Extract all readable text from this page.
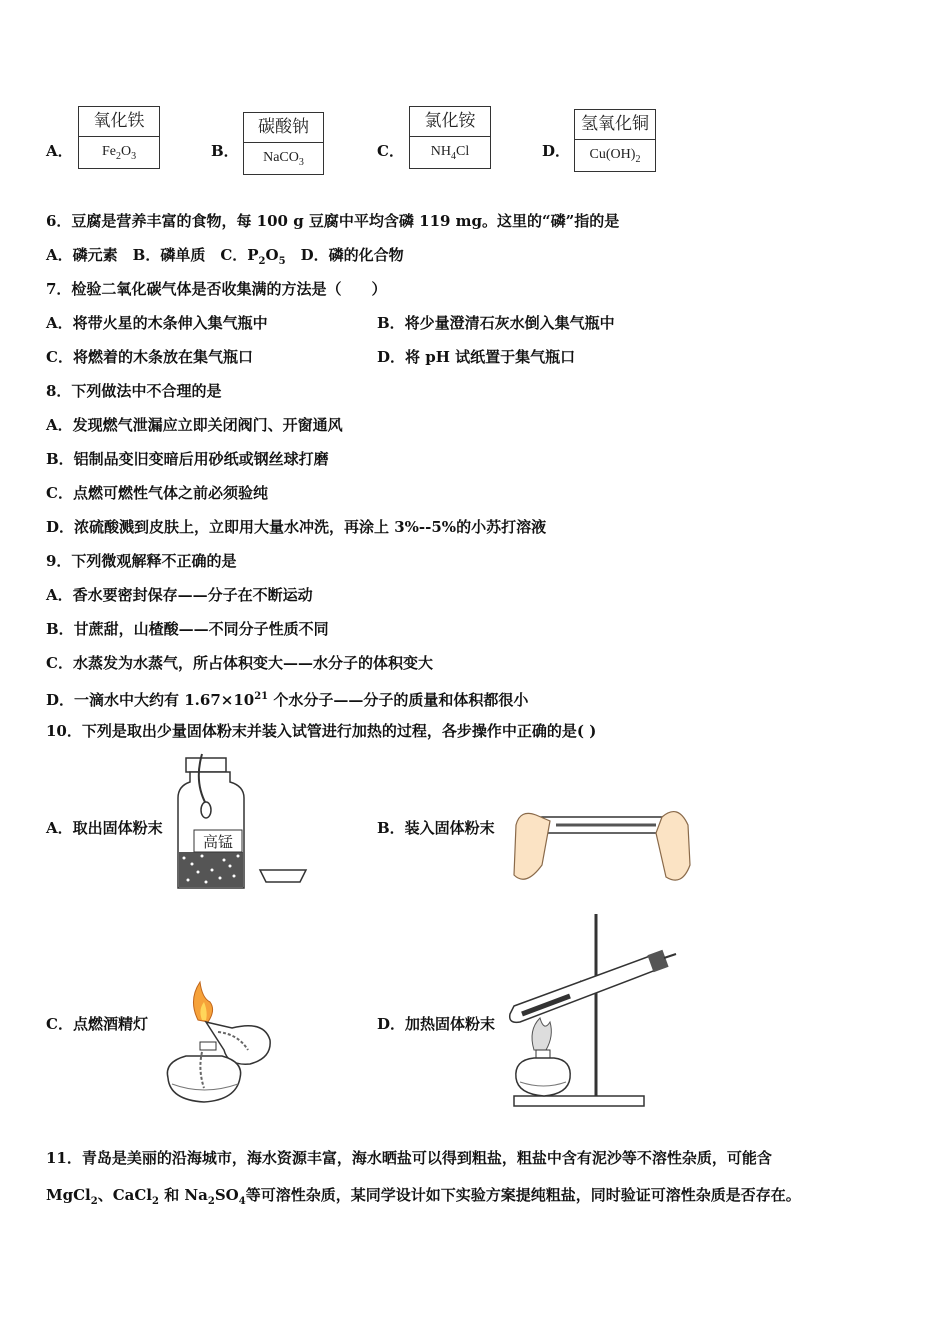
A．
氧化铁
$Fe_2O_3$	B．
碳酸钠
NaCO$_3$
C．
氯化铵
$NH_4Cl$	D．
氢氧化铜
$Cu(OH)_2$
6．豆腐是营养丰富的食物，每 100 g 豆腐中平均含磷 119 mg。这里的“磷”指的是
A．磷元素　B．磷单质　C．$P_2O_5$　D．磷的化合物
7．检验二氧化碳气体是否收集满的方法是（　　）
A．将带火星的木条伸入集气瓶中	B．将少量澄清石灰水倒入集气瓶中
C．将燃着的木条放在集气瓶口	D．将 pH 试纸置于集气瓶口
8．下列做法中不合理的是
A．发现燃气泄漏应立即关闭阀门、开窗通风
B．铝制品变旧变暗后用砂纸或钢丝球打磨
C．点燃可燃性气体之前必须验纯
D．浓硫酸溅到皮肤上，立即用大量水冲洗，再涂上 3%--5%的小苏打溶液
9．下列微观解释不正确的是
A．香水要密封保存——分子在不断运动
B．甘蔗甜，山楂酸——不同分子性质不同
C．水蒸发为水蒸气，所占体积变大——水分子的体积变大
D．一滴水中大约有 $1.67\times 10^{21}$ 个水分子——分子的质量和体积都很小
10．下列是取出少量固体粉末并装入试管进行加热的过程，各步操作中正确的是( )
A．取出固体粉末	B．装入固体粉末
C．点燃酒精灯	D．加热固体粉末
高锰
11．青岛是美丽的沿海城市，海水资源丰富，海水晒盐可以得到粗盐，粗盐中含有泥沙等不溶性杂质，可能含
MgCl$_2$、CaCl$_2$ 和 $Na_2SO_4$等可溶性杂质，某同学设计如下实验方案提纯粗盐，同时验证可溶性杂质是否存在。
